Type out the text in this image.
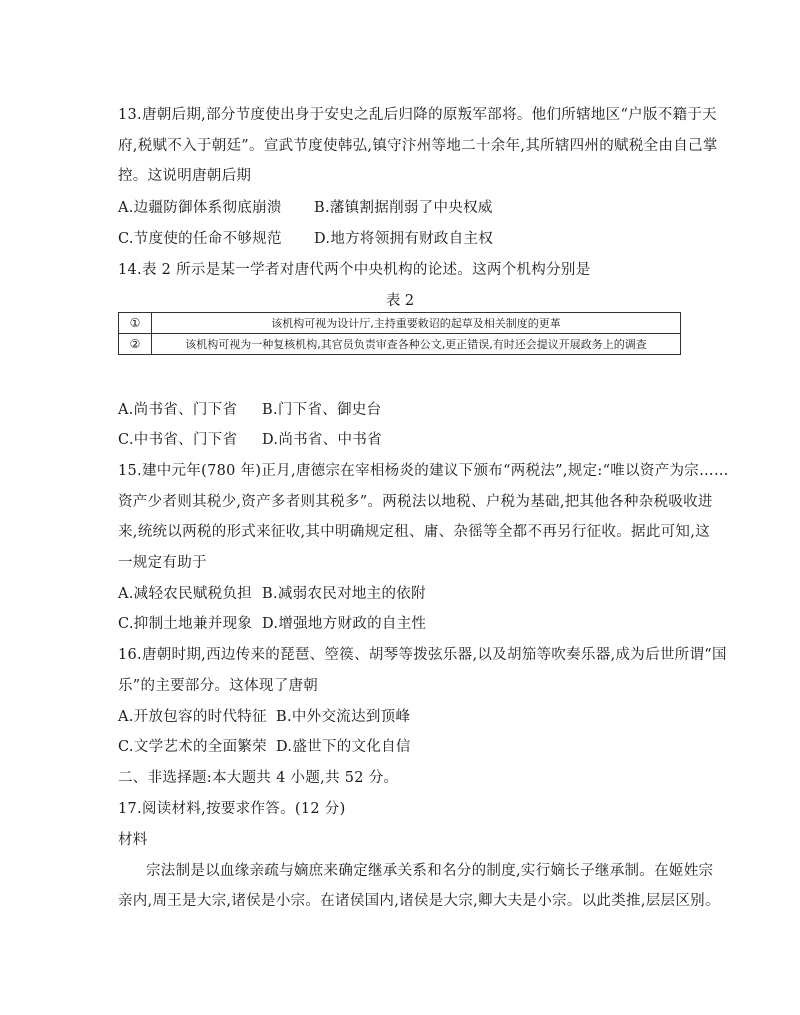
13.唐朝后期,部分节度使出身于安史之乱后归降的原叛军部将。他们所辖地区“户版不籍于天
府,税赋不入于朝廷”。宣武节度使韩弘,镇守汴州等地二十余年,其所辖四州的赋税全由自己掌
控。这说明唐朝后期
A.边疆防御体系彻底崩溃 B.藩镇割据削弱了中央权威
C.节度使的任命不够规范 D.地方将领拥有财政自主权
14.表 2 所示是某一学者对唐代两个中央机构的论述。这两个机构分别是
表 2
①	该机构可视为设计厅,主持重要敕诏的起草及相关制度的更革
②	该机构可视为一种复核机构,其官员负责审查各种公文,更正错误,有时还会提议开展政务上的调查
A.尚书省、门下省 B.门下省、御史台
C.中书省、门下省 D.尚书省、中书省
15.建中元年(780 年)正月,唐德宗在宰相杨炎的建议下颁布“两税法”,规定:“唯以资产为宗……
资产少者则其税少,资产多者则其税多”。两税法以地税、户税为基础,把其他各种杂税吸收进
来,统统以两税的形式来征收,其中明确规定租、庸、杂徭等全都不再另行征收。据此可知,这
一规定有助于
A.减轻农民赋税负担 B.减弱农民对地主的依附
C.抑制土地兼并现象 D.增强地方财政的自主性
16.唐朝时期,西边传来的琵琶、箜篌、胡琴等拨弦乐器,以及胡笳等吹奏乐器,成为后世所谓“国
乐”的主要部分。这体现了唐朝
A.开放包容的时代特征 B.中外交流达到顶峰
C.文学艺术的全面繁荣 D.盛世下的文化自信
二、非选择题:本大题共 4 小题,共 52 分。
17.阅读材料,按要求作答。(12 分)
材料
宗法制是以血缘亲疏与嫡庶来确定继承关系和名分的制度,实行嫡长子继承制。在姬姓宗
亲内,周王是大宗,诸侯是小宗。在诸侯国内,诸侯是大宗,卿大夫是小宗。以此类推,层层区别。
